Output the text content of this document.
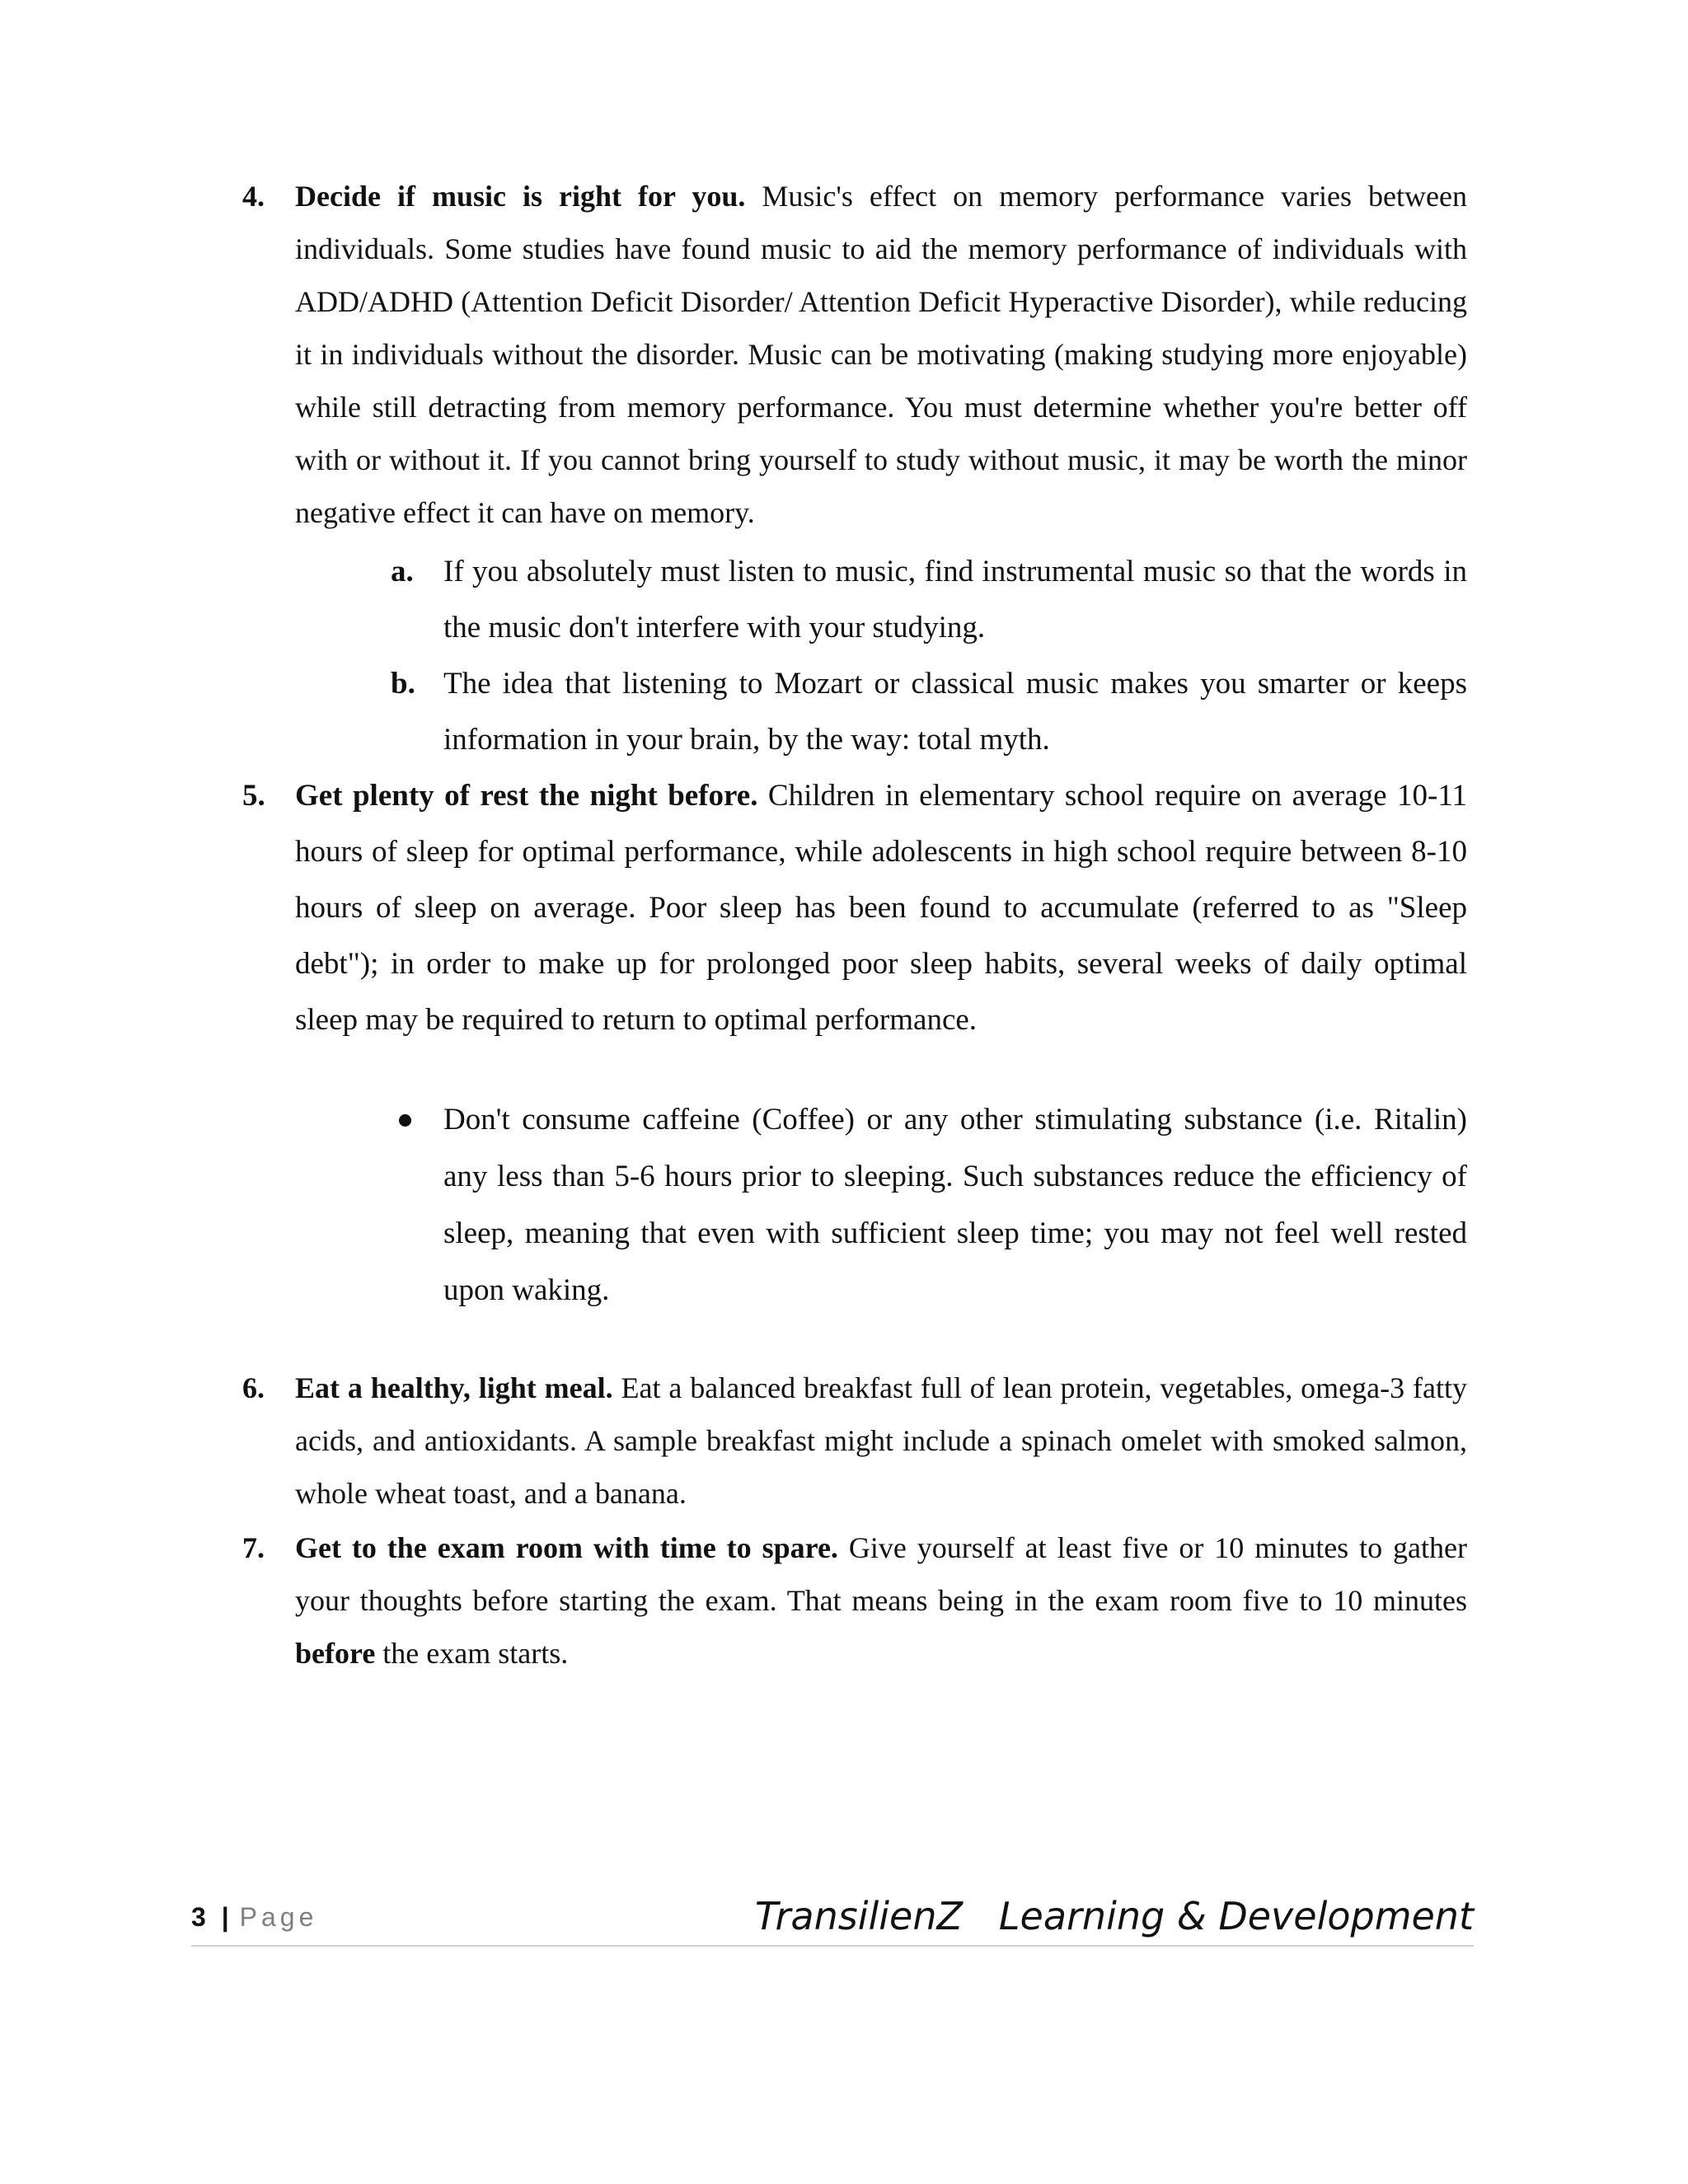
4. Decide if music is right for you. Music's effect on memory performance varies between individuals. Some studies have found music to aid the memory performance of individuals with ADD/ADHD (Attention Deficit Disorder/ Attention Deficit Hyperactive Disorder), while reducing it in individuals without the disorder. Music can be motivating (making studying more enjoyable) while still detracting from memory performance. You must determine whether you're better off with or without it. If you cannot bring yourself to study without music, it may be worth the minor negative effect it can have on memory.
a. If you absolutely must listen to music, find instrumental music so that the words in the music don't interfere with your studying.
b. The idea that listening to Mozart or classical music makes you smarter or keeps information in your brain, by the way: total myth.
5. Get plenty of rest the night before. Children in elementary school require on average 10-11 hours of sleep for optimal performance, while adolescents in high school require between 8-10 hours of sleep on average. Poor sleep has been found to accumulate (referred to as "Sleep debt"); in order to make up for prolonged poor sleep habits, several weeks of daily optimal sleep may be required to return to optimal performance.
Don't consume caffeine (Coffee) or any other stimulating substance (i.e. Ritalin) any less than 5-6 hours prior to sleeping. Such substances reduce the efficiency of sleep, meaning that even with sufficient sleep time; you may not feel well rested upon waking.
6. Eat a healthy, light meal. Eat a balanced breakfast full of lean protein, vegetables, omega-3 fatty acids, and antioxidants. A sample breakfast might include a spinach omelet with smoked salmon, whole wheat toast, and a banana.
7. Get to the exam room with time to spare. Give yourself at least five or 10 minutes to gather your thoughts before starting the exam. That means being in the exam room five to 10 minutes before the exam starts.
3 | Page	TransilienZ   Learning & Development
